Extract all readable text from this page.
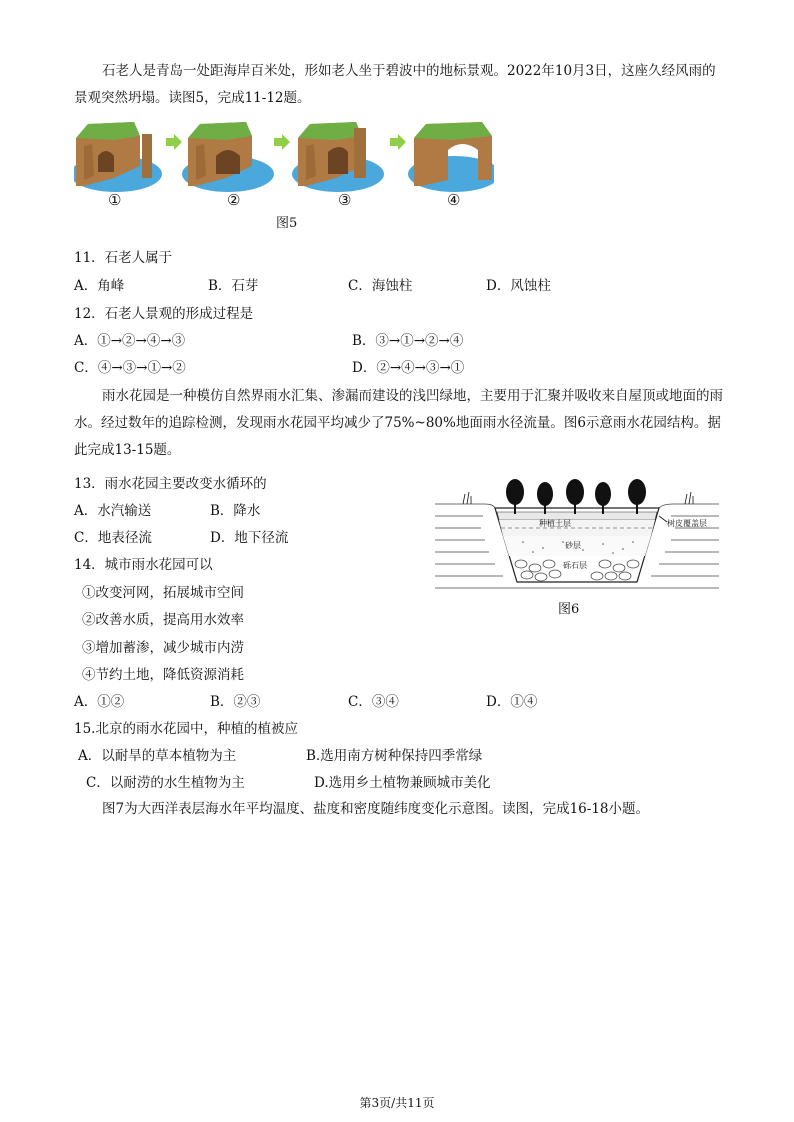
石老人是青岛一处距海岸百米处，形如老人坐于碧波中的地标景观。2022年10月3日，这座久经风雨的景观突然坍塌。读图5，完成11-12题。
①	②	③	④
图5
11．石老人属于
A．角峰	B．石芽	C．海蚀柱	D．风蚀柱
12．石老人景观的形成过程是
A．①→②→④→③	B．③→①→②→④
C．④→③→①→②	D．②→④→③→①
雨水花园是一种模仿自然界雨水汇集、渗漏而建设的浅凹绿地，主要用于汇聚并吸收来自屋顶或地面的雨水。经过数年的追踪检测，发现雨水花园平均减少了75%~80%地面雨水径流量。图6示意雨水花园结构。据此完成13-15题。
13．雨水花园主要改变水循环的
A．水汽输送	B．降水
C．地表径流	D．地下径流
种植土层
砂层
砾石层
树皮覆盖层
图6
14．城市雨水花园可以
①改变河网，拓展城市空间
②改善水质，提高用水效率
③增加蓄渗，减少城市内涝
④节约土地，降低资源消耗
A．①②	B．②③	C．③④	D．①④
15.北京的雨水花园中，种植的植被应
A．以耐旱的草本植物为主	B.选用南方树种保持四季常绿
C．以耐涝的水生植物为主	D.选用乡土植物兼顾城市美化
图7为大西洋表层海水年平均温度、盐度和密度随纬度变化示意图。读图，完成16-18小题。
第3页/共11页
